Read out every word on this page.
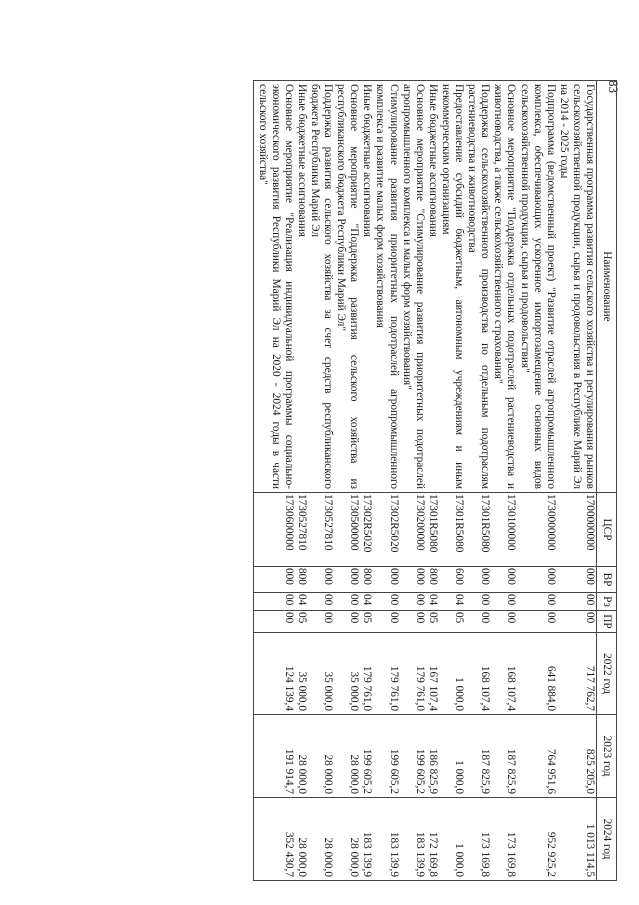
83
Наименование	ЦСР	ВР	Рз	ПР	2022 год	2023 год	2024 год
Государственная программа развития сельского хозяйства и регулирования рынков сельскохозяйственной продукции, сырья и продовольствия в Республике Марий Эл на 2014 - 2025 годы	1700000000	000	00	00	717 762,7	825 205,0	1 013 114,5
Подпрограмма (ведомственный проект) "Развитие отраслей агропромышленного комплекса, обеспечивающих ускоренное импортозамещение основных видов сельскохозяйственной продукции, сырья и продовольствия"	1730000000	000	00	00	641 884,0	764 951,6	952 925,2
Основное мероприятие "Поддержка отдельных подотраслей растениеводства и животноводства, а также сельскохозяйственного страхования"	1730100000	000	00	00	168 107,4	187 825,9	173 169,8
Поддержка сельскохозяйственного производства по отдельным подотраслям растениеводства и животноводства	17301R5080	000	00	00	168 107,4	187 825,9	173 169,8
Предоставление субсидий бюджетным, автономным учреждениям и иным некоммерческим организациям	17301R5080	600	04	05	1 000,0	1 000,0	1 000,0
Иные бюджетные ассигнования	17301R5080	800	04	05	167 107,4	186 825,9	172 169,8
Основное мероприятие "Стимулирование развития приоритетных подотраслей агропромышленного комплекса и малых форм хозяйствования"	1730200000	000	00	00	179 761,0	199 605,2	183 139,9
Стимулирование развития приоритетных подотраслей агропромышленного комплекса и развитие малых форм хозяйствования	17302R5020	000	00	00	179 761,0	199 605,2	183 139,9
Иные бюджетные ассигнования	17302R5020	800	04	05	179 761,0	199 605,2	183 139,9
Основное мероприятие "Поддержка развития сельского хозяйства из республиканского бюджета Республики Марий Эл"	1730500000	000	00	00	35 000,0	28 000,0	28 000,0
Поддержка развития сельского хозяйства за счет средств республиканского бюджета Республики Марий Эл	1730527810	000	00	00	35 000,0	28 000,0	28 000,0
Иные бюджетные ассигнования	1730527810	800	04	05	35 000,0	28 000,0	28 000,0
Основное мероприятие "Реализация индивидуальной программы социально-экономического развития Республики Марий Эл на 2020 - 2024 годы в части сельского хозяйства"	1730600000	000	00	00	124 139,4	191 914,7	352 430,7
